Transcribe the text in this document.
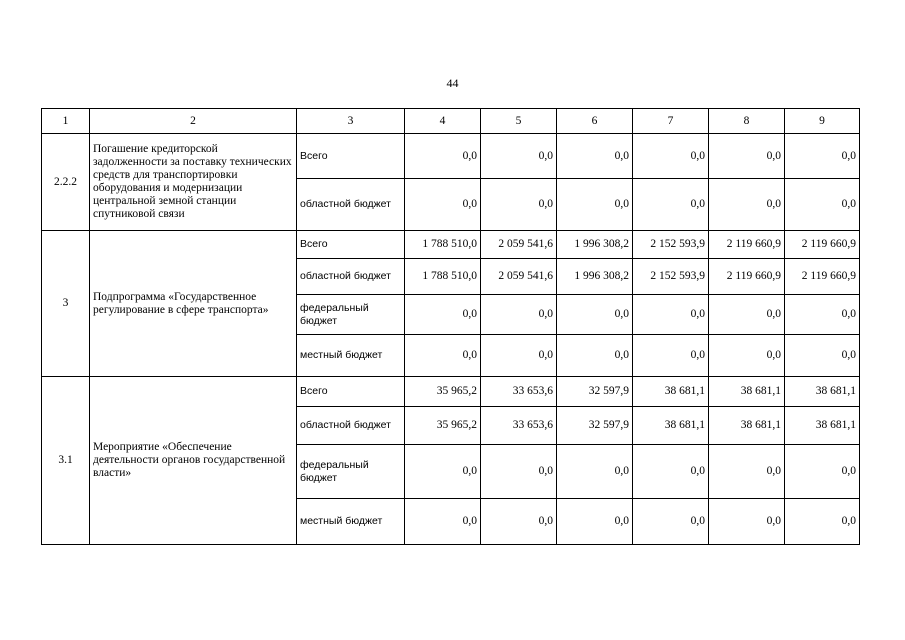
44
1	2	3	4	5	6	7	8	9
2.2.2	Погашение кредиторской задолженности за поставку технических средств для транспортировки оборудования и модернизации центральной земной станции спутниковой связи	Всего	0,0	0,0	0,0	0,0	0,0	0,0
		областной бюджет	0,0	0,0	0,0	0,0	0,0	0,0
3	Подпрограмма «Государственное регулирование в сфере транспорта»	Всего	1 788 510,0	2 059 541,6	1 996 308,2	2 152 593,9	2 119 660,9	2 119 660,9
		областной бюджет	1 788 510,0	2 059 541,6	1 996 308,2	2 152 593,9	2 119 660,9	2 119 660,9
		федеральный бюджет	0,0	0,0	0,0	0,0	0,0	0,0
		местный бюджет	0,0	0,0	0,0	0,0	0,0	0,0
3.1	Мероприятие «Обеспечение деятельности органов государственной власти»	Всего	35 965,2	33 653,6	32 597,9	38 681,1	38 681,1	38 681,1
		областной бюджет	35 965,2	33 653,6	32 597,9	38 681,1	38 681,1	38 681,1
		федеральный бюджет	0,0	0,0	0,0	0,0	0,0	0,0
		местный бюджет	0,0	0,0	0,0	0,0	0,0	0,0
